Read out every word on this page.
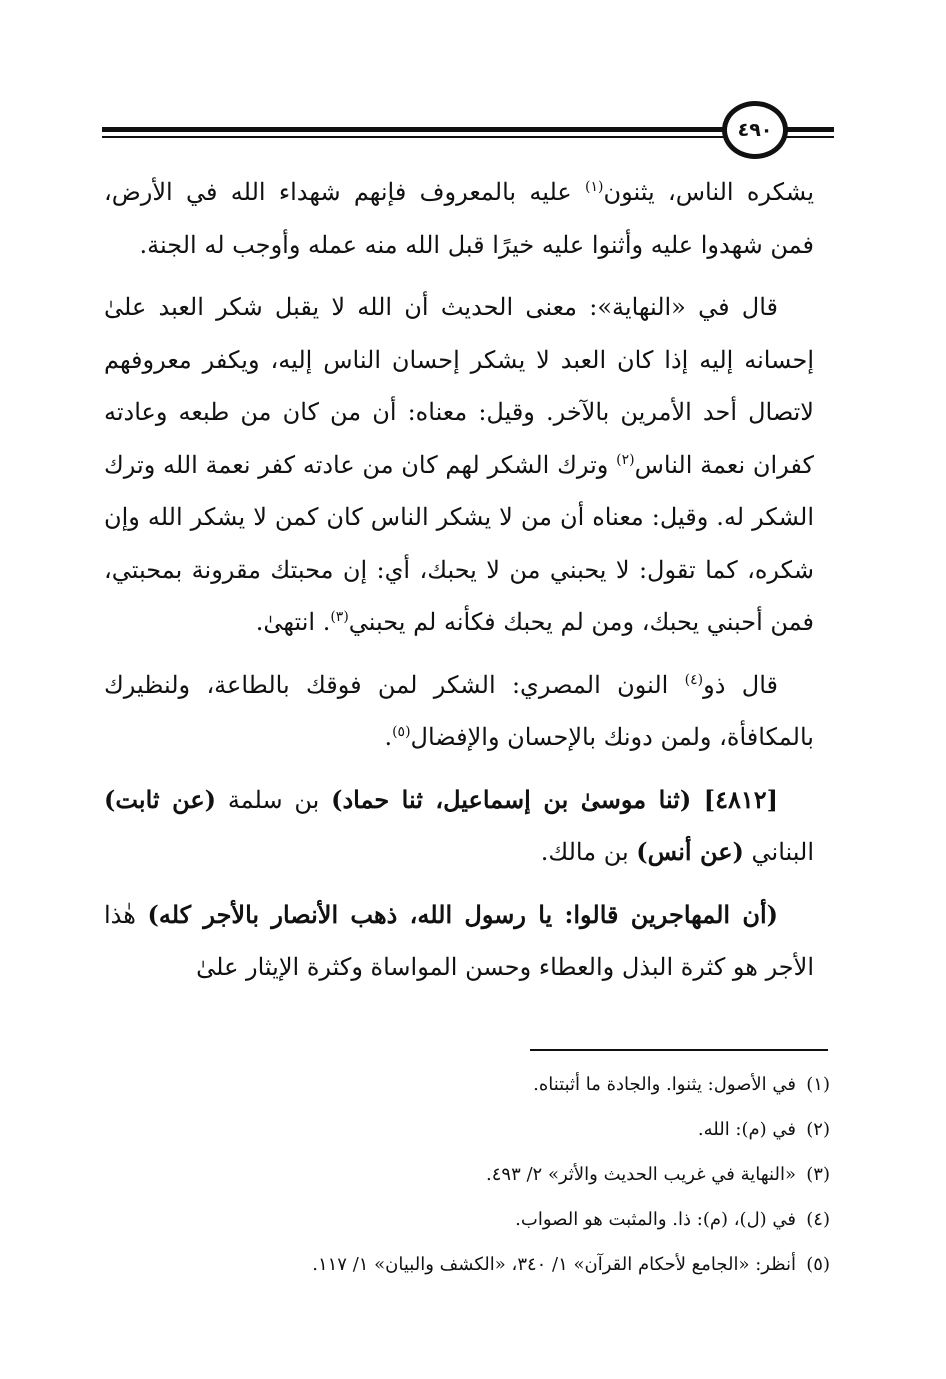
٤٩٠

يشكره الناس، يثنون$^{(١)}$ عليه بالمعروف فإنهم شهداء الله في الأرض، فمن شهدوا عليه وأثنوا عليه خيرًا قبل الله منه عمله وأوجب له الجنة.

قال في «النهاية»: معنى الحديث أن الله لا يقبل شكر العبد علىٰ إحسانه إليه إذا كان العبد لا يشكر إحسان الناس إليه، ويكفر معروفهم لاتصال أحد الأمرين بالآخر. وقيل: معناه: أن من كان من طبعه وعادته كفران نعمة الناس$^{(٢)}$ وترك الشكر لهم كان من عادته كفر نعمة الله وترك الشكر له. وقيل: معناه أن من لا يشكر الناس كان كمن لا يشكر الله وإن شكره، كما تقول: لا يحبني من لا يحبك، أي: إن محبتك مقرونة بمحبتي، فمن أحبني يحبك، ومن لم يحبك فكأنه لم يحبني$^{(٣)}$. انتهىٰ.

قال ذو$^{(٤)}$ النون المصري: الشكر لمن فوقك بالطاعة، ولنظيرك بالمكافأة، ولمن دونك بالإحسان والإفضال$^{(٥)}$.

[٤٨١٢] (ثنا موسىٰ بن إسماعيل، ثنا حماد) بن سلمة (عن ثابت) البناني (عن أنس) بن مالك.

(أن المهاجرين قالوا: يا رسول الله، ذهب الأنصار بالأجر كله) هٰذا الأجر هو كثرة البذل والعطاء وحسن المواساة وكثرة الإيثار علىٰ

(١)في الأصول: يثنوا. والجادة ما أثبتناه.

(٢)في (م): الله.

(٣)«النهاية في غريب الحديث والأثر» ٢/ ٤٩٣.

(٤)في (ل)، (م): ذا. والمثبت هو الصواب.

(٥)أنظر: «الجامع لأحكام القرآن» ١/ ٣٤٠، «الكشف والبيان» ١/ ١١٧.
